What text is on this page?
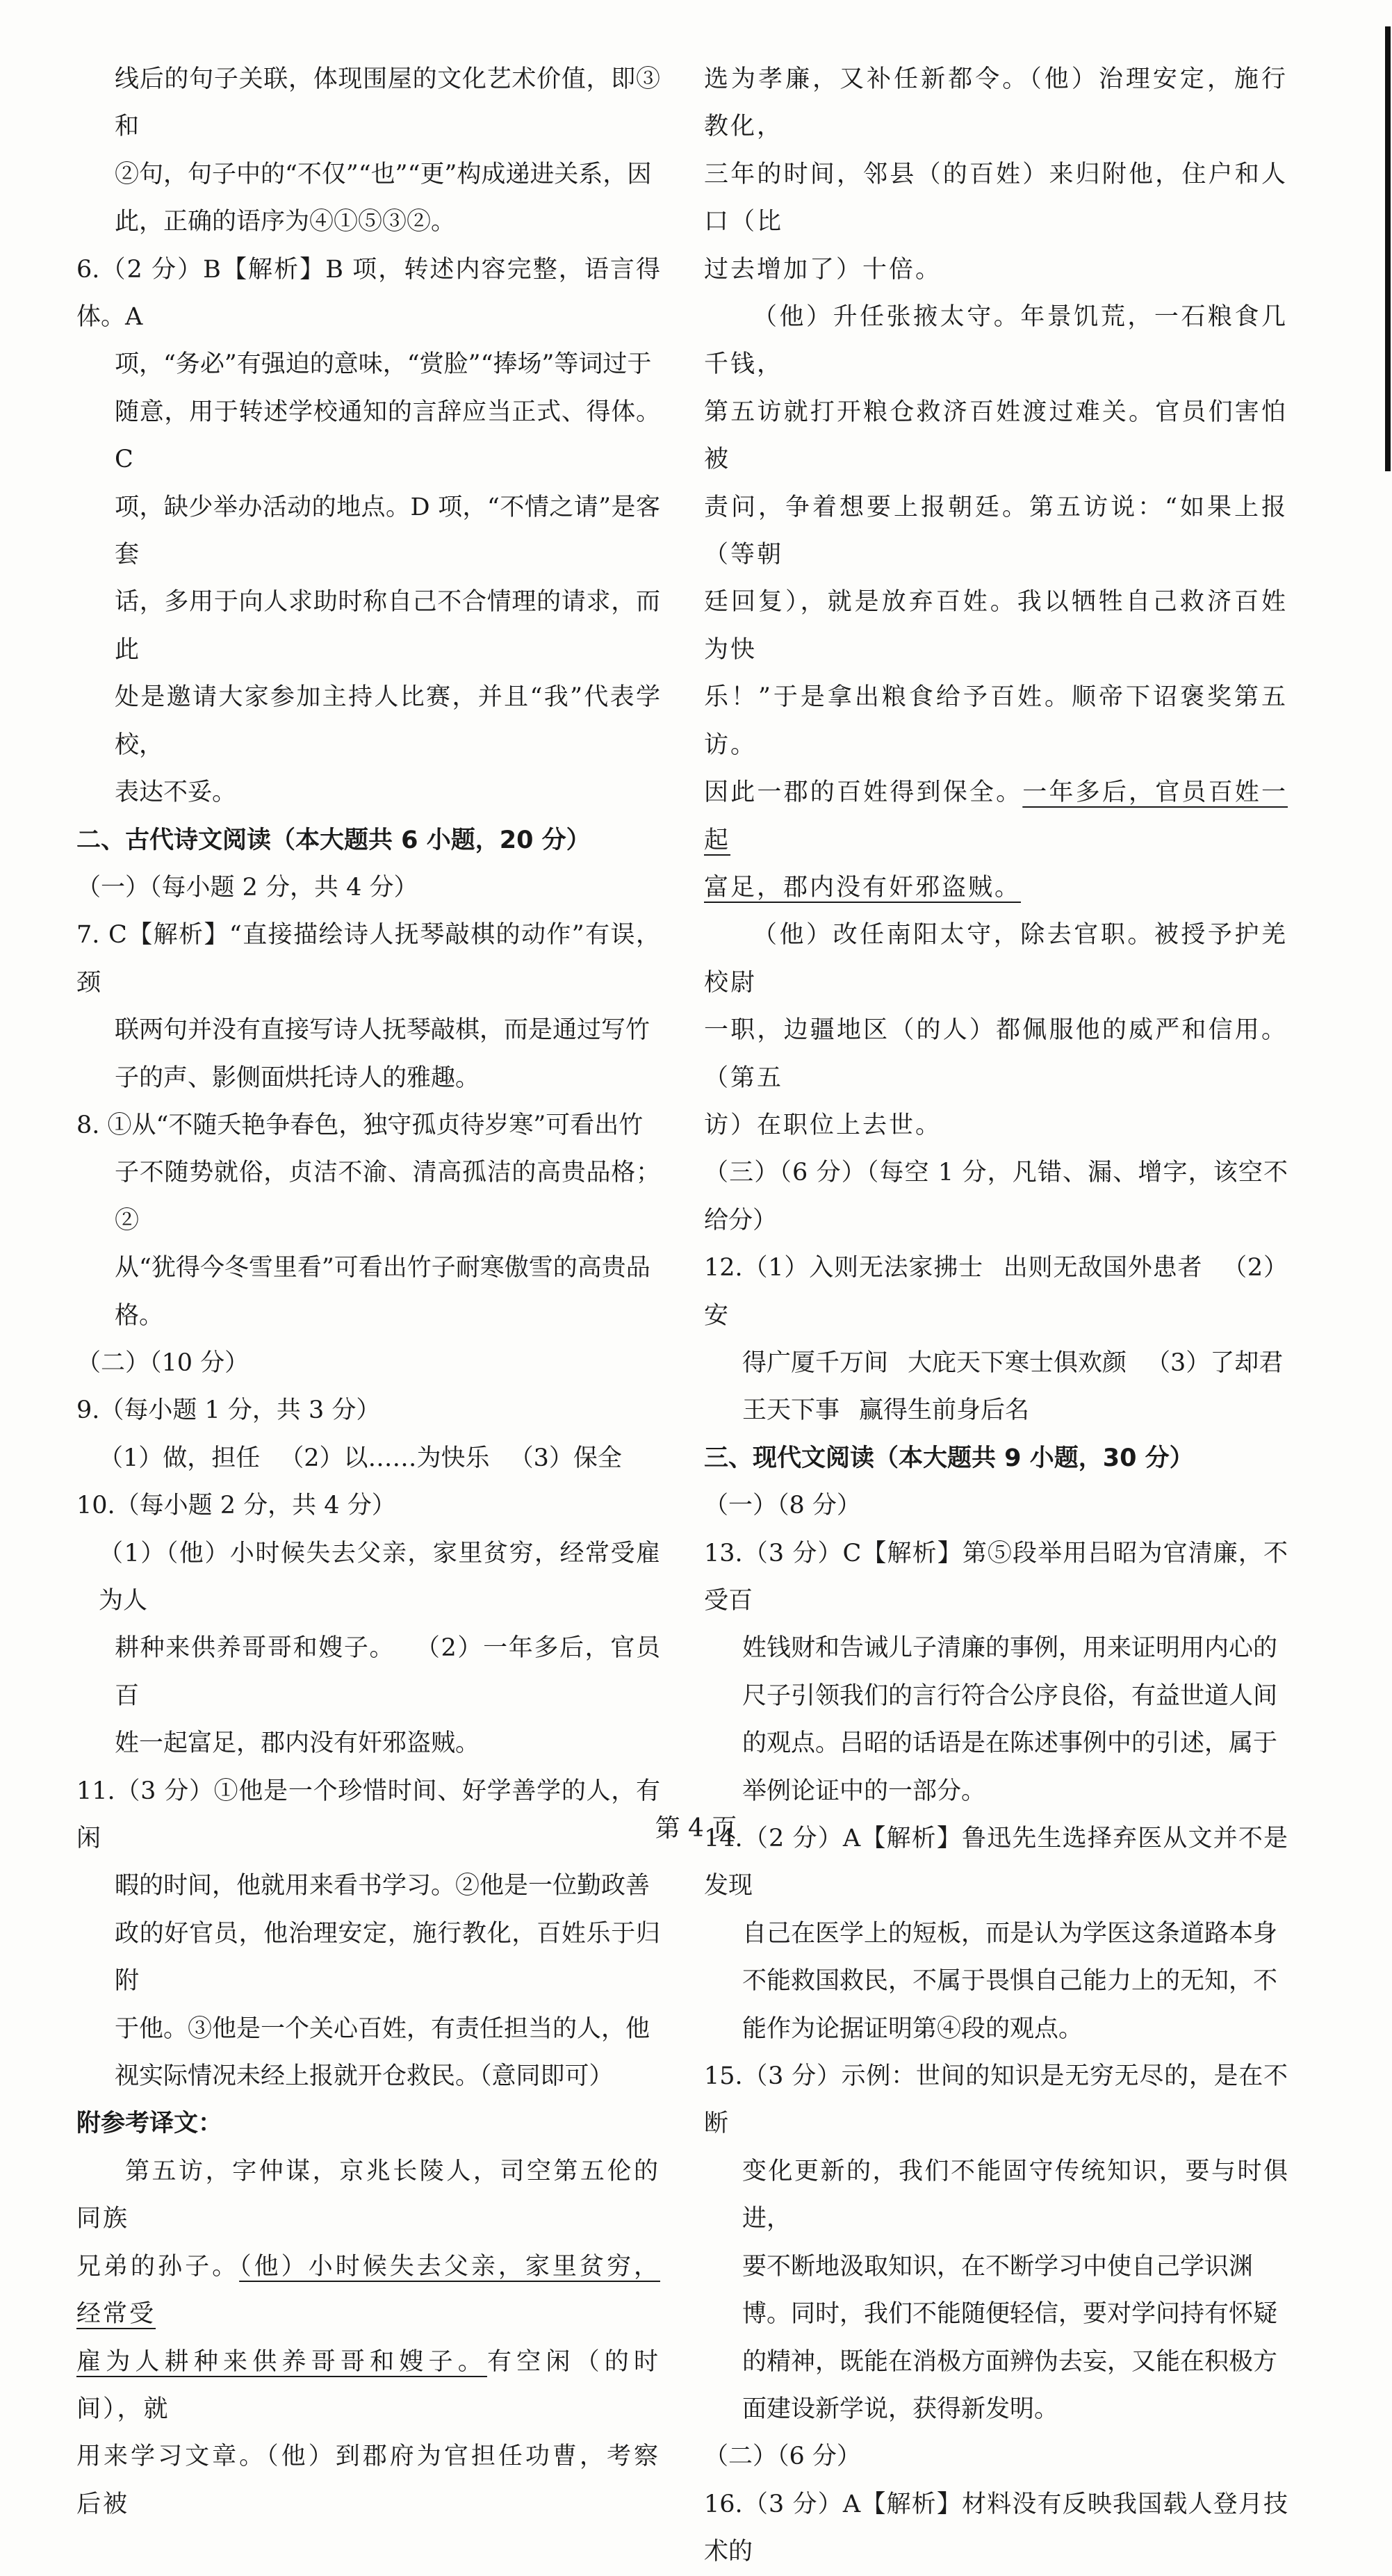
线后的句子关联，体现围屋的文化艺术价值，即③和

②句，句子中的“不仅”“也”“更”构成递进关系，因

此，正确的语序为④①⑤③②。

6.（2 分）B【解析】B 项，转述内容完整，语言得体。A

项，“务必”有强迫的意味，“赏脸”“捧场”等词过于

随意，用于转述学校通知的言辞应当正式、得体。C

项，缺少举办活动的地点。D 项，“不情之请”是客套

话，多用于向人求助时称自己不合情理的请求，而此

处是邀请大家参加主持人比赛，并且“我”代表学校，

表达不妥。

二、古代诗文阅读（本大题共 6 小题，20 分）

（一）（每小题 2 分，共 4 分）

7. C【解析】“直接描绘诗人抚琴敲棋的动作”有误，颈

联两句并没有直接写诗人抚琴敲棋，而是通过写竹

子的声、影侧面烘托诗人的雅趣。

8. ①从“不随夭艳争春色，独守孤贞待岁寒”可看出竹

子不随势就俗，贞洁不渝、清高孤洁的高贵品格；②

从“犹得今冬雪里看”可看出竹子耐寒傲雪的高贵品

格。

（二）（10 分）

9.（每小题 1 分，共 3 分）

（1）做，担任 （2）以……为快乐 （3）保全

10.（每小题 2 分，共 4 分）

（1）（他）小时候失去父亲，家里贫穷，经常受雇为人

耕种来供养哥哥和嫂子。 （2）一年多后，官员百

姓一起富足，郡内没有奸邪盗贼。

11.（3 分）①他是一个珍惜时间、好学善学的人，有闲

暇的时间，他就用来看书学习。②他是一位勤政善

政的好官员，他治理安定，施行教化，百姓乐于归附

于他。③他是一个关心百姓，有责任担当的人，他

视实际情况未经上报就开仓救民。（意同即可）

附参考译文：

第五访，字仲谋，京兆长陵人，司空第五伦的同族

兄弟的孙子。（他）小时候失去父亲，家里贫穷，经常受

雇为人耕种来供养哥哥和嫂子。有空闲（的时间），就

用来学习文章。（他）到郡府为官担任功曹，考察后被

选为孝廉，又补任新都令。（他）治理安定，施行教化，

三年的时间，邻县（的百姓）来归附他，住户和人口（比

过去增加了）十倍。

（他）升任张掖太守。年景饥荒，一石粮食几千钱，

第五访就打开粮仓救济百姓渡过难关。官员们害怕被

责问，争着想要上报朝廷。第五访说：“如果上报（等朝

廷回复），就是放弃百姓。我以牺牲自己救济百姓为快

乐！”于是拿出粮食给予百姓。顺帝下诏褒奖第五访。

因此一郡的百姓得到保全。一年多后，官员百姓一起

富足，郡内没有奸邪盗贼。

（他）改任南阳太守，除去官职。被授予护羌校尉

一职，边疆地区（的人）都佩服他的威严和信用。（第五

访）在职位上去世。

（三）（6 分）（每空 1 分，凡错、漏、增字，该空不给分）

12.（1）入则无法家拂士 出则无敌国外患者 （2）安

得广厦千万间 大庇天下寒士俱欢颜 （3）了却君

王天下事 赢得生前身后名

三、现代文阅读（本大题共 9 小题，30 分）

（一）（8 分）

13.（3 分）C【解析】第⑤段举用吕昭为官清廉，不受百

姓钱财和告诫儿子清廉的事例，用来证明用内心的

尺子引领我们的言行符合公序良俗，有益世道人间

的观点。吕昭的话语是在陈述事例中的引述，属于

举例论证中的一部分。

14.（2 分）A【解析】鲁迅先生选择弃医从文并不是发现

自己在医学上的短板，而是认为学医这条道路本身

不能救国救民，不属于畏惧自己能力上的无知，不

能作为论据证明第④段的观点。

15.（3 分）示例：世间的知识是无穷无尽的，是在不断

变化更新的，我们不能固守传统知识，要与时俱进，

要不断地汲取知识，在不断学习中使自己学识渊

博。同时，我们不能随便轻信，要对学问持有怀疑

的精神，既能在消极方面辨伪去妄，又能在积极方

面建设新学说，获得新发明。

（二）（6 分）

16.（3 分）A【解析】材料没有反映我国载人登月技术的

第 4 页
